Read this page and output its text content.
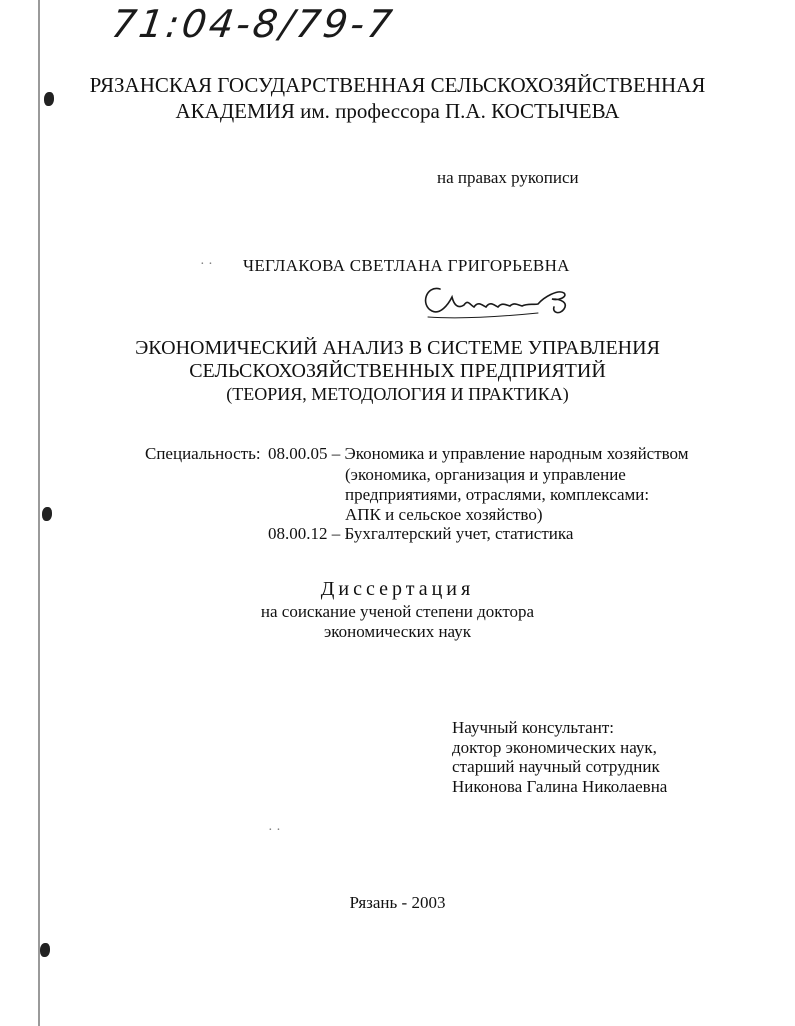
71:04-8/79-7
РЯЗАНСКАЯ ГОСУДАРСТВЕННАЯ СЕЛЬСКОХОЗЯЙСТВЕННАЯ
АКАДЕМИЯ им. профессора П.А. КОСТЫЧЕВА
на правах рукописи
· · ЧЕГЛАКОВА СВЕТЛАНА ГРИГОРЬЕВНА
ЭКОНОМИЧЕСКИЙ АНАЛИЗ В СИСТЕМЕ УПРАВЛЕНИЯ
СЕЛЬСКОХОЗЯЙСТВЕННЫХ ПРЕДПРИЯТИЙ
(ТЕОРИЯ, МЕТОДОЛОГИЯ И ПРАКТИКА)
Специальность: 08.00.05 – Экономика и управление народным хозяйством
(экономика, организация и управление
предприятиями, отраслями, комплексами:
АПК и сельское хозяйство)
08.00.12 – Бухгалтерский учет, статистика
Диссертация
на соискание ученой степени доктора
экономических наук
Научный консультант:
доктор экономических наук,
старший научный сотрудник
Никонова Галина Николаевна
· ·
Рязань - 2003
